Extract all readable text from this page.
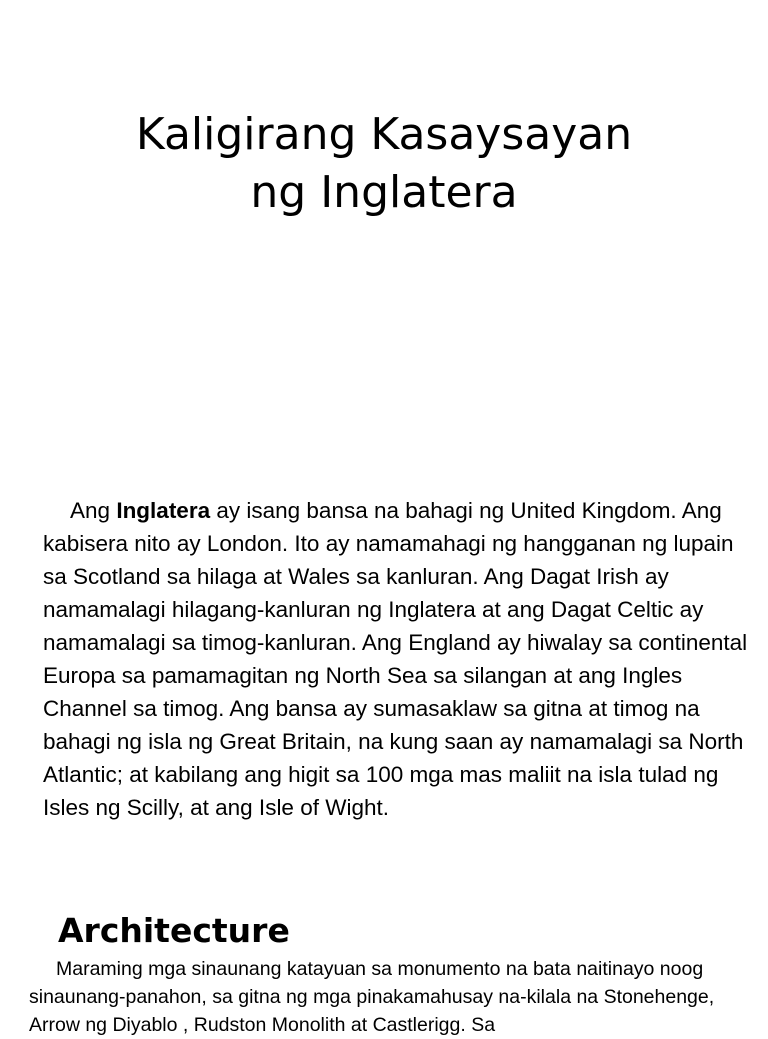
Kaligirang Kasaysayan
ng Inglatera

Ang Inglatera ay isang bansa na bahagi ng United Kingdom. Ang kabisera nito ay London. Ito ay namamahagi ng hangganan ng lupain sa Scotland sa hilaga at Wales sa kanluran. Ang Dagat Irish ay namamalagi hilagang-kanluran ng Inglatera at ang Dagat Celtic ay namamalagi sa timog-kanluran. Ang England ay hiwalay sa continental Europa sa pamamagitan ng North Sea sa silangan at ang Ingles Channel sa timog. Ang bansa ay sumasaklaw sa gitna at timog na bahagi ng isla ng Great Britain, na kung saan ay namamalagi sa North Atlantic; at kabilang ang higit sa 100 mga mas maliit na isla tulad ng Isles ng Scilly, at ang Isle of Wight.

Architecture

Maraming mga sinaunang katayuan sa monumento na bata naitinayo noog sinaunang-panahon, sa gitna ng mga pinakamahusay na-kilala na Stonehenge, Arrow ng Diyablo , Rudston Monolith at Castlerigg. Sa
